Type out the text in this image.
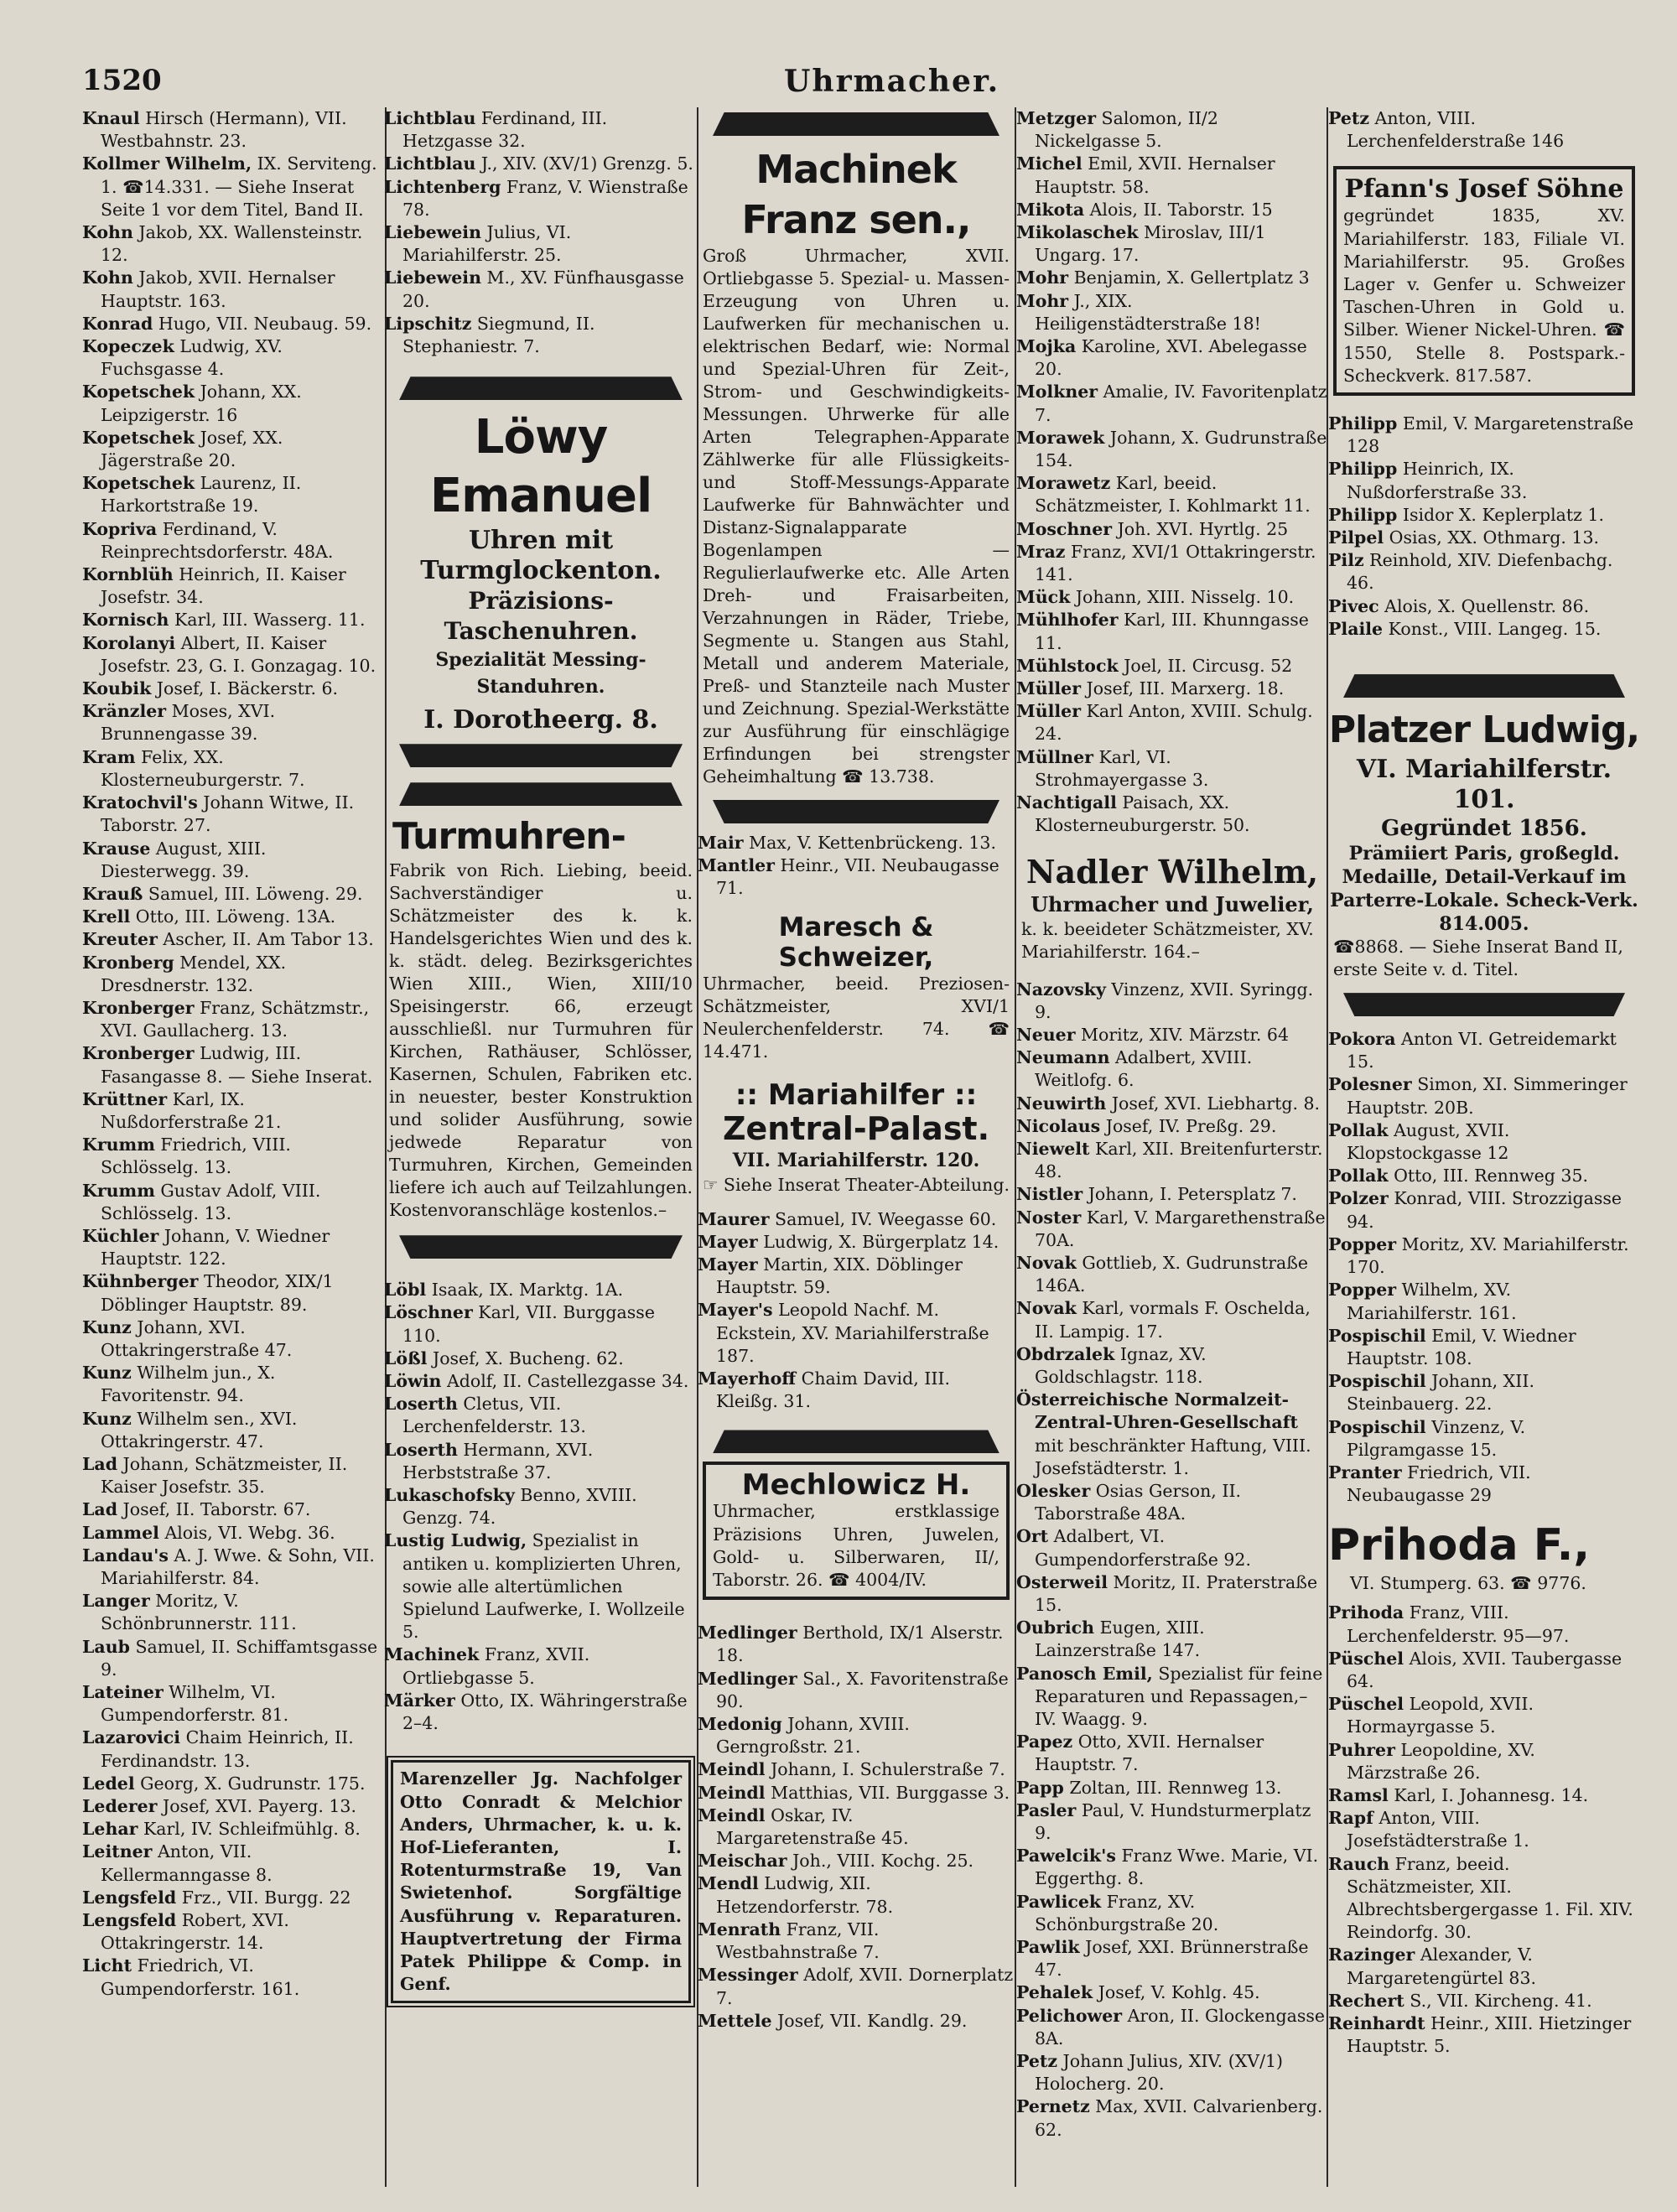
1520	Uhrmacher.
Knaul Hirsch (Hermann), VII. Westbahnstr. 23.
Kollmer Wilhelm, IX. Serviteng. 1. ☎14.331. — Siehe Inserat Seite 1 vor dem Titel, Band II.
Kohn Jakob, XX. Wallensteinstr. 12.
Kohn Jakob, XVII. Hernalser Hauptstr. 163.
Konrad Hugo, VII. Neubaug. 59.
Kopeczek Ludwig, XV. Fuchsgasse 4.
Kopetschek Johann, XX. Leipzigerstr. 16
Kopetschek Josef, XX. Jägerstraße 20.
Kopetschek Laurenz, II. Harkortstraße 19.
Kopriva Ferdinand, V. Reinprechtsdorferstr. 48A.
Kornblüh Heinrich, II. Kaiser Josefstr. 34.
Kornisch Karl, III. Wasserg. 11.
Korolanyi Albert, II. Kaiser Josefstr. 23, G. I. Gonzagag. 10.
Koubik Josef, I. Bäckerstr. 6.
Kränzler Moses, XVI. Brunnengasse 39.
Kram Felix, XX. Klosterneuburgerstr. 7.
Kratochvil's Johann Witwe, II. Taborstr. 27.
Krause August, XIII. Diesterwegg. 39.
Krauß Samuel, III. Löweng. 29.
Krell Otto, III. Löweng. 13A.
Kreuter Ascher, II. Am Tabor 13.
Kronberg Mendel, XX. Dresdnerstr. 132.
Kronberger Franz, Schätzmstr., XVI. Gaullacherg. 13.
Kronberger Ludwig, III. Fasangasse 8. — Siehe Inserat.
Krüttner Karl, IX. Nußdorferstraße 21.
Krumm Friedrich, VIII. Schlösselg. 13.
Krumm Gustav Adolf, VIII. Schlösselg. 13.
Küchler Johann, V. Wiedner Hauptstr. 122.
Kühnberger Theodor, XIX/1 Döblinger Hauptstr. 89.
Kunz Johann, XVI. Ottakringerstraße 47.
Kunz Wilhelm jun., X. Favoritenstr. 94.
Kunz Wilhelm sen., XVI. Ottakringerstr. 47.
Lad Johann, Schätzmeister, II. Kaiser Josefstr. 35.
Lad Josef, II. Taborstr. 67.
Lammel Alois, VI. Webg. 36.
Landau's A. J. Wwe. & Sohn, VII. Mariahilferstr. 84.
Langer Moritz, V. Schönbrunnerstr. 111.
Laub Samuel, II. Schiffamtsgasse 9.
Lateiner Wilhelm, VI. Gumpendorferstr. 81.
Lazarovici Chaim Heinrich, II. Ferdinandstr. 13.
Ledel Georg, X. Gudrunstr. 175.
Lederer Josef, XVI. Payerg. 13.
Lehar Karl, IV. Schleifmühlg. 8.
Leitner Anton, VII. Kellermanngasse 8.
Lengsfeld Frz., VII. Burgg. 22
Lengsfeld Robert, XVI. Ottakringerstr. 14.
Licht Friedrich, VI. Gumpendorferstr. 161.
Lichtblau Ferdinand, III. Hetzgasse 32.
Lichtblau J., XIV. (XV/1) Grenzg. 5.
Lichtenberg Franz, V. Wienstraße 78.
Liebewein Julius, VI. Mariahilferstr. 25.
Liebewein M., XV. Fünfhausgasse 20.
Lipschitz Siegmund, II. Stephaniestr. 7.
Löwy Emanuel
Uhren mit Turmglockenton.
Präzisions-Taschenuhren.
Spezialität Messing-Standuhren.
I. Dorotheerg. 8.
Turmuhren-
Fabrik von Rich. Liebing, beeid. Sachverständiger u. Schätzmeister des k. k. Handelsgerichtes Wien und des k. k. städt. deleg. Bezirksgerichtes Wien XIII., Wien, XIII/10 Speisingerstr. 66, erzeugt ausschließl. nur Turmuhren für Kirchen, Rathäuser, Schlösser, Kasernen, Schulen, Fabriken etc. in neuester, bester Konstruktion und solider Ausführung, sowie jedwede Reparatur von Turmuhren, Kirchen, Gemeinden liefere ich auch auf Teilzahlungen. Kostenvoranschläge kostenlos.–
Löbl Isaak, IX. Marktg. 1A.
Löschner Karl, VII. Burggasse 110.
Lößl Josef, X. Bucheng. 62.
Löwin Adolf, II. Castellezgasse 34.
Loserth Cletus, VII. Lerchenfelderstr. 13.
Loserth Hermann, XVI. Herbststraße 37.
Lukaschofsky Benno, XVIII. Genzg. 74.
Lustig Ludwig, Spezialist in antiken u. komplizierten Uhren, sowie alle altertümlichen Spielund Laufwerke, I. Wollzeile 5.
Machinek Franz, XVII. Ortliebgasse 5.
Märker Otto, IX. Währingerstraße 2–4.
Marenzeller Jg. Nachfolger Otto Conradt & Melchior Anders, Uhrmacher, k. u. k. Hof-Lieferanten, I. Rotenturmstraße 19, Van Swietenhof. Sorgfältige Ausführung v. Reparaturen. Hauptvertretung der Firma Patek Philippe & Comp. in Genf.
Machinek Franz sen.,
Groß Uhrmacher, XVII. Ortliebgasse 5. Spezial- u. Massen-Erzeugung von Uhren u. Laufwerken für mechanischen u. elektrischen Bedarf, wie: Normal und Spezial-Uhren für Zeit-, Strom- und Geschwindigkeits-Messungen. Uhrwerke für alle Arten Telegraphen-Apparate Zählwerke für alle Flüssigkeits- und Stoff-Messungs-Apparate Laufwerke für Bahnwächter und Distanz-Signalapparate Bogenlampen — Regulierlaufwerke etc. Alle Arten Dreh- und Fraisarbeiten, Verzahnungen in Räder, Triebe, Segmente u. Stangen aus Stahl, Metall und anderem Materiale, Preß- und Stanzteile nach Muster und Zeichnung. Spezial-Werkstätte zur Ausführung für einschlägige Erfindungen bei strengster Geheimhaltung ☎ 13.738.
Mair Max, V. Kettenbrückeng. 13.
Mantler Heinr., VII. Neubaugasse 71.
Maresch & Schweizer,
Uhrmacher, beeid. Preziosen-Schätzmeister, XVI/1 Neulerchenfelderstr. 74. ☎ 14.471.
:: Mariahilfer ::
Zentral-Palast.
VII. Mariahilferstr. 120.
☞ Siehe Inserat Theater-Abteilung.
Maurer Samuel, IV. Weegasse 60.
Mayer Ludwig, X. Bürgerplatz 14.
Mayer Martin, XIX. Döblinger Hauptstr. 59.
Mayer's Leopold Nachf. M. Eckstein, XV. Mariahilferstraße 187.
Mayerhoff Chaim David, III. Kleißg. 31.
Mechlowicz H.
Uhrmacher, erstklassige Präzisions Uhren, Juwelen, Gold- u. Silberwaren, II/, Taborstr. 26. ☎ 4004/IV.
Medlinger Berthold, IX/1 Alserstr. 18.
Medlinger Sal., X. Favoritenstraße 90.
Medonig Johann, XVIII. Gerngroßstr. 21.
Meindl Johann, I. Schulerstraße 7.
Meindl Matthias, VII. Burggasse 3.
Meindl Oskar, IV. Margaretenstraße 45.
Meischar Joh., VIII. Kochg. 25.
Mendl Ludwig, XII. Hetzendorferstr. 78.
Menrath Franz, VII. Westbahnstraße 7.
Messinger Adolf, XVII. Dornerplatz 7.
Mettele Josef, VII. Kandlg. 29.
Metzger Salomon, II/2 Nickelgasse 5.
Michel Emil, XVII. Hernalser Hauptstr. 58.
Mikota Alois, II. Taborstr. 15
Mikolaschek Miroslav, III/1 Ungarg. 17.
Mohr Benjamin, X. Gellertplatz 3
Mohr J., XIX. Heiligenstädterstraße 18!
Mojka Karoline, XVI. Abelegasse 20.
Molkner Amalie, IV. Favoritenplatz 7.
Morawek Johann, X. Gudrunstraße 154.
Morawetz Karl, beeid. Schätzmeister, I. Kohlmarkt 11.
Moschner Joh. XVI. Hyrtlg. 25
Mraz Franz, XVI/1 Ottakringerstr. 141.
Mück Johann, XIII. Nisselg. 10.
Mühlhofer Karl, III. Khunngasse 11.
Mühlstock Joel, II. Circusg. 52
Müller Josef, III. Marxerg. 18.
Müller Karl Anton, XVIII. Schulg. 24.
Müllner Karl, VI. Strohmayergasse 3.
Nachtigall Paisach, XX. Klosterneuburgerstr. 50.
Nadler Wilhelm,
Uhrmacher und Juwelier,
k. k. beeideter Schätzmeister, XV. Mariahilferstr. 164.–
Nazovsky Vinzenz, XVII. Syringg. 9.
Neuer Moritz, XIV. Märzstr. 64
Neumann Adalbert, XVIII. Weitlofg. 6.
Neuwirth Josef, XVI. Liebhartg. 8.
Nicolaus Josef, IV. Preßg. 29.
Niewelt Karl, XII. Breitenfurterstr. 48.
Nistler Johann, I. Petersplatz 7.
Noster Karl, V. Margarethenstraße 70A.
Novak Gottlieb, X. Gudrunstraße 146A.
Novak Karl, vormals F. Oschelda, II. Lampig. 17.
Obdrzalek Ignaz, XV. Goldschlagstr. 118.
Österreichische Normalzeit-Zentral-Uhren-Gesellschaft mit beschränkter Haftung, VIII. Josefstädterstr. 1.
Olesker Osias Gerson, II. Taborstraße 48A.
Ort Adalbert, VI. Gumpendorferstraße 92.
Osterweil Moritz, II. Praterstraße 15.
Oubrich Eugen, XIII. Lainzerstraße 147.
Panosch Emil, Spezialist für feine Reparaturen und Repassagen,– IV. Waagg. 9.
Papez Otto, XVII. Hernalser Hauptstr. 7.
Papp Zoltan, III. Rennweg 13.
Pasler Paul, V. Hundsturmerplatz 9.
Pawelcik's Franz Wwe. Marie, VI. Eggerthg. 8.
Pawlicek Franz, XV. Schönburgstraße 20.
Pawlik Josef, XXI. Brünnerstraße 47.
Pehalek Josef, V. Kohlg. 45.
Pelichower Aron, II. Glockengasse 8A.
Petz Johann Julius, XIV. (XV/1) Holocherg. 20.
Pernetz Max, XVII. Calvarienberg. 62.
Petz Anton, VIII. Lerchenfelderstraße 146
Pfann's Josef Söhne
gegründet 1835, XV. Mariahilferstr. 183, Filiale VI. Mariahilferstr. 95. Großes Lager v. Genfer u. Schweizer Taschen-Uhren in Gold u. Silber. Wiener Nickel-Uhren. ☎ 1550, Stelle 8. Postspark.-Scheckverk. 817.587.
Philipp Emil, V. Margaretenstraße 128
Philipp Heinrich, IX. Nußdorferstraße 33.
Philipp Isidor X. Keplerplatz 1.
Pilpel Osias, XX. Othmarg. 13.
Pilz Reinhold, XIV. Diefenbachg. 46.
Pivec Alois, X. Quellenstr. 86.
Plaile Konst., VIII. Langeg. 15.
Platzer Ludwig,
VI. Mariahilferstr. 101.
Gegründet 1856.
Prämiiert Paris, großegld. Medaille, Detail-Verkauf im Parterre-Lokale. Scheck-Verk. 814.005.
☎8868. — Siehe Inserat Band II, erste Seite v. d. Titel.
Pokora Anton VI. Getreidemarkt 15.
Polesner Simon, XI. Simmeringer Hauptstr. 20B.
Pollak August, XVII. Klopstockgasse 12
Pollak Otto, III. Rennweg 35.
Polzer Konrad, VIII. Strozzigasse 94.
Popper Moritz, XV. Mariahilferstr. 170.
Popper Wilhelm, XV. Mariahilferstr. 161.
Pospischil Emil, V. Wiedner Hauptstr. 108.
Pospischil Johann, XII. Steinbauerg. 22.
Pospischil Vinzenz, V. Pilgramgasse 15.
Pranter Friedrich, VII. Neubaugasse 29
Prihoda F.,
VI. Stumperg. 63. ☎ 9776.
Prihoda Franz, VIII. Lerchenfelderstr. 95—97.
Püschel Alois, XVII. Taubergasse 64.
Püschel Leopold, XVII. Hormayrgasse 5.
Puhrer Leopoldine, XV. Märzstraße 26.
Ramsl Karl, I. Johannesg. 14.
Rapf Anton, VIII. Josefstädterstraße 1.
Rauch Franz, beeid. Schätzmeister, XII. Albrechtsbergergasse 1. Fil. XIV. Reindorfg. 30.
Razinger Alexander, V. Margaretengürtel 83.
Rechert S., VII. Kircheng. 41.
Reinhardt Heinr., XIII. Hietzinger Hauptstr. 5.
